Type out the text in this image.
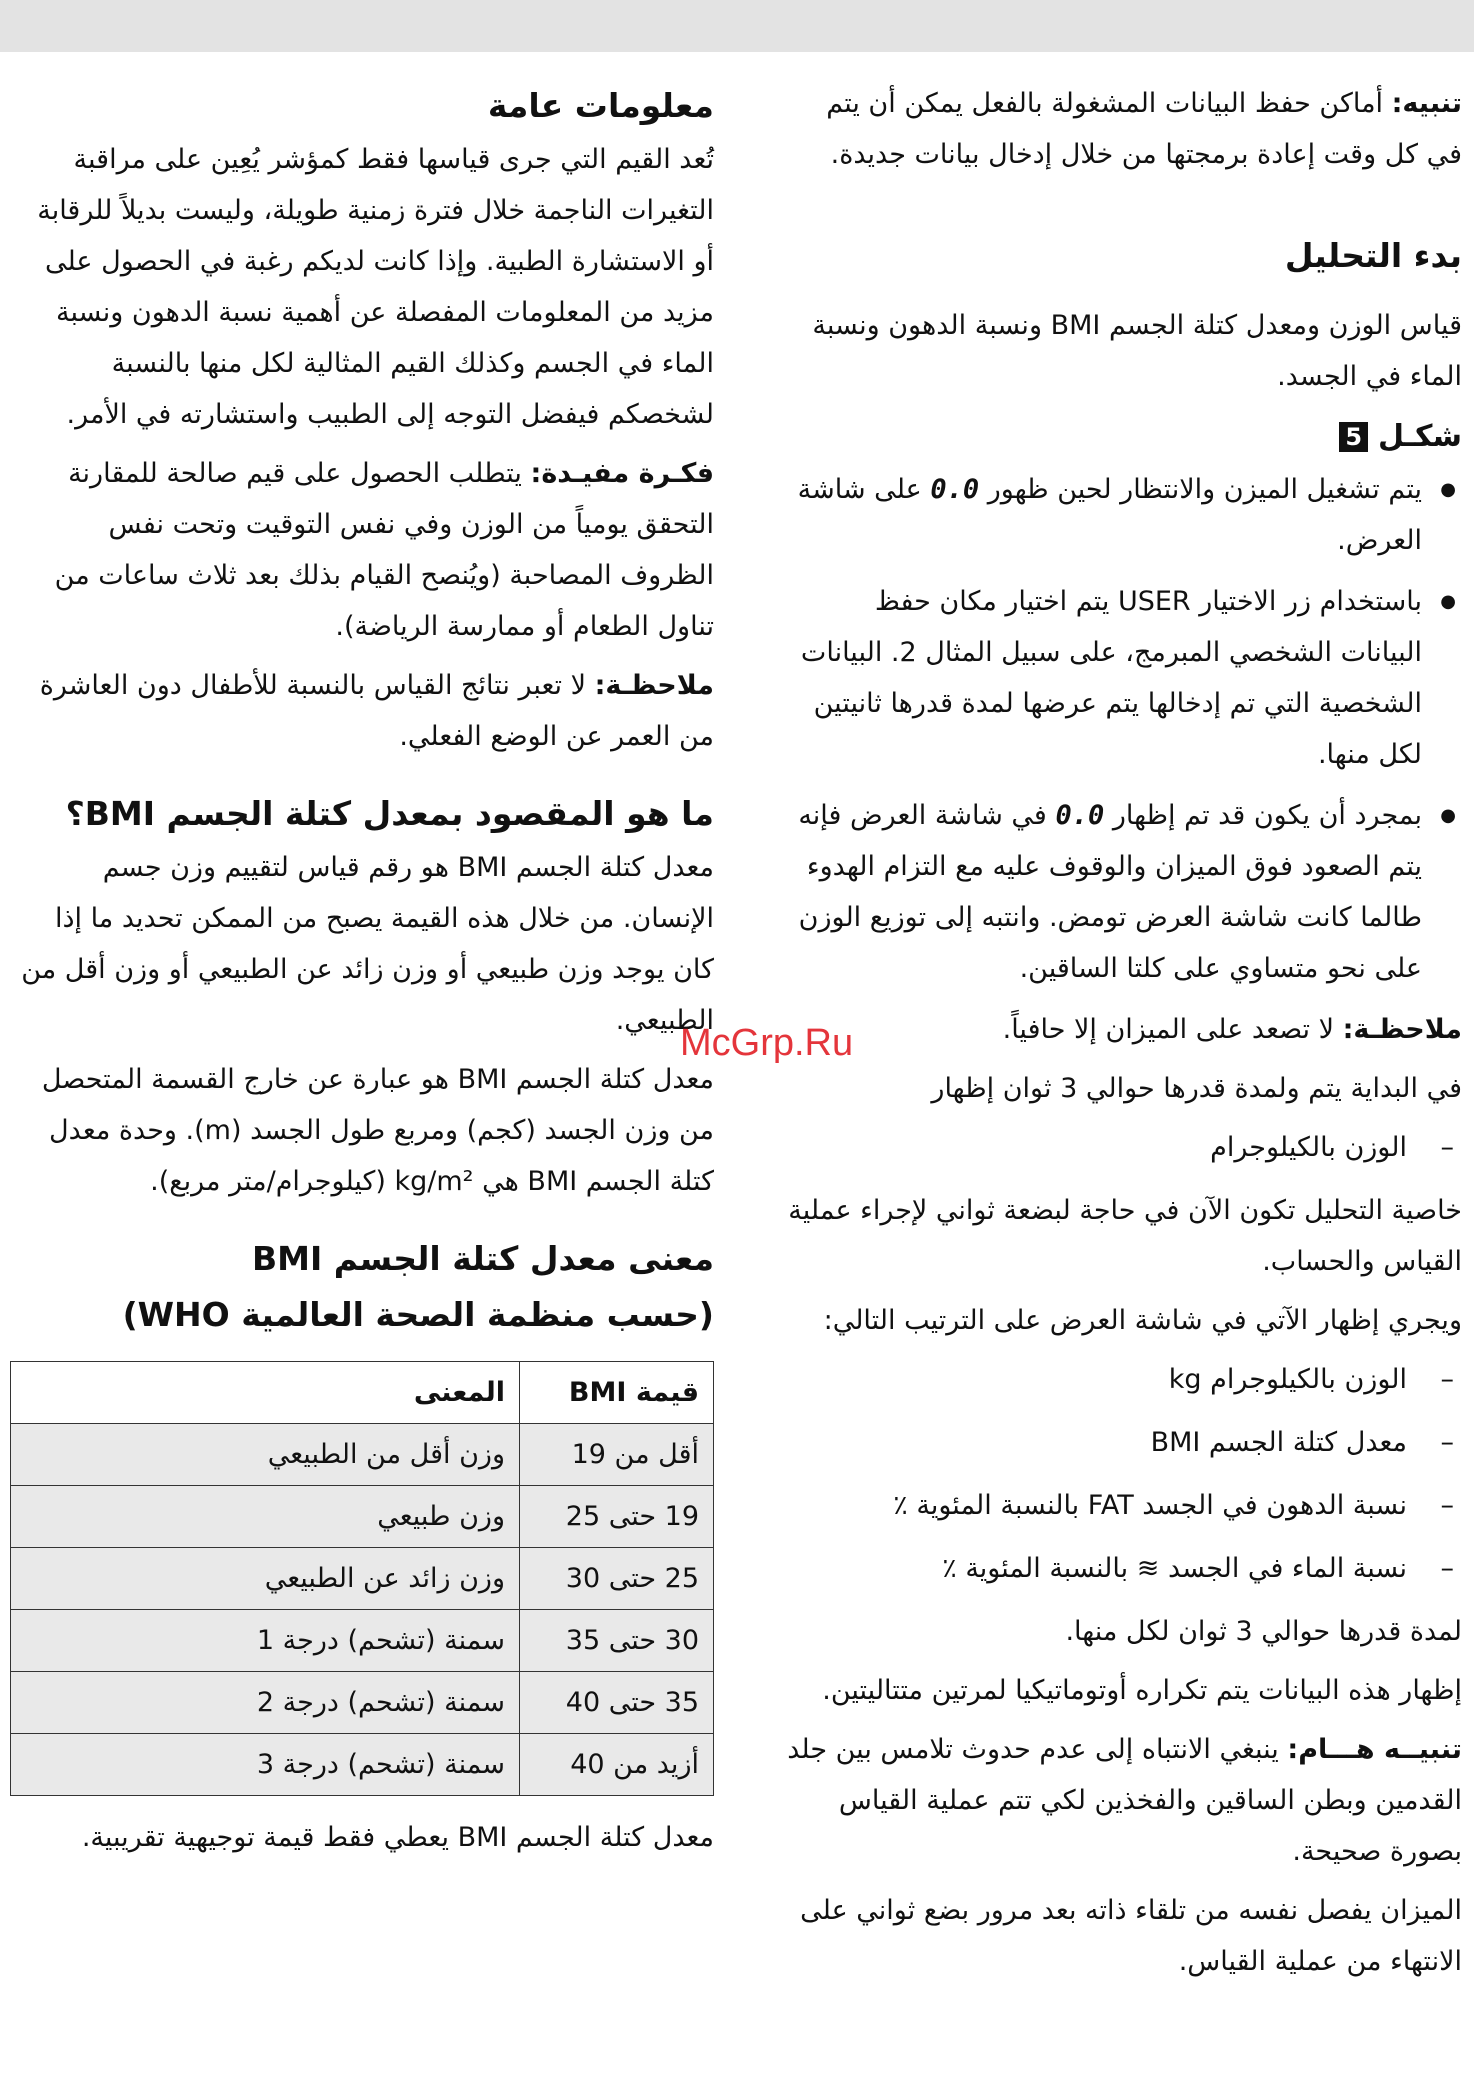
تنبيه: أماكن حفظ البيانات المشغولة بالفعل يمكن أن يتم في كل وقت إعادة برمجتها من خلال إدخال بيانات جديدة.

بدء التحليل

قياس الوزن ومعدل كتلة الجسم BMI ونسبة الدهون ونسبة الماء في الجسد.

شكـل
5
● يتم تشغيل الميزن والانتظار لحين ظهور 0.0 على شاشة العرض.
● باستخدام زر الاختيار USER يتم اختيار مكان حفظ البيانات الشخصي المبرمج، على سبيل المثال 2. البيانات الشخصية التي تم إدخالها يتم عرضها لمدة قدرها ثانيتين لكل منها.
● بمجرد أن يكون قد تم إظهار 0.0 في شاشة العرض فإنه يتم الصعود فوق الميزان والوقوف عليه مع التزام الهدوء طالما كانت شاشة العرض تومض. وانتبه إلى توزيع الوزن على نحو متساوي على كلتا الساقين.

ملاحظـة: لا تصعد على الميزان إلا حافياً.

في البداية يتم ولمدة قدرها حوالي 3 ثوان إظهار

– الوزن بالكيلوجرام

خاصية التحليل تكون الآن في حاجة لبضعة ثواني لإجراء عملية القياس والحساب.

ويجري إظهار الآتي في شاشة العرض على الترتيب التالي:

– الوزن بالكيلوجرام kg
– معدل كتلة الجسم BMI
– نسبة الدهون في الجسد FAT بالنسبة المئوية ٪
– نسبة الماء في الجسد ≋ بالنسبة المئوية ٪

لمدة قدرها حوالي 3 ثوان لكل منها.

إظهار هذه البيانات يتم تكراره أوتوماتيكيا لمرتين متتاليتين.

تنبيــه هـــام: ينبغي الانتباه إلى عدم حدوث تلامس بين جلد القدمين وبطن الساقين والفخذين لكي تتم عملية القياس بصورة صحيحة.

الميزان يفصل نفسه من تلقاء ذاته بعد مرور بضع ثواني على الانتهاء من عملية القياس.

معلومات عامة

تُعد القيم التي جرى قياسها فقط كمؤشر يُعِين على مراقبة التغيرات الناجمة خلال فترة زمنية طويلة، وليست بديلاً للرقابة أو الاستشارة الطبية. وإذا كانت لديكم رغبة في الحصول على مزيد من المعلومات المفصلة عن أهمية نسبة الدهون ونسبة الماء في الجسم وكذلك القيم المثالية لكل منها بالنسبة لشخصكم فيفضل التوجه إلى الطبيب واستشارته في الأمر.

فكـرة مفيـدة: يتطلب الحصول على قيم صالحة للمقارنة التحقق يومياً من الوزن وفي نفس التوقيت وتحت نفس الظروف المصاحبة (ويُنصح القيام بذلك بعد ثلاث ساعات من تناول الطعام أو ممارسة الرياضة).

ملاحظـة: لا تعبر نتائج القياس بالنسبة للأطفال دون العاشرة من العمر عن الوضع الفعلي.

ما هو المقصود بمعدل كتلة الجسم BMI؟

معدل كتلة الجسم BMI هو رقم قياس لتقييم وزن جسم الإنسان. من خلال هذه القيمة يصبح من الممكن تحديد ما إذا كان يوجد وزن طبيعي أو وزن زائد عن الطبيعي أو وزن أقل من الطبيعي.

معدل كتلة الجسم BMI هو عبارة عن خارج القسمة المتحصل من وزن الجسد (كجم) ومربع طول الجسد (m). وحدة معدل كتلة الجسم BMI هي kg/m² (كيلوجرام/متر مربع).

معنى معدل كتلة الجسم BMI
(حسب منظمة الصحة العالمية WHO)
قيمة BMI	المعنى
أقل من 19	وزن أقل من الطبيعي
19 حتى 25	وزن طبيعي
25 حتى 30	وزن زائد عن الطبيعي
30 حتى 35	سمنة (تشحم) درجة 1
35 حتى 40	سمنة (تشحم) درجة 2
أزيد من 40	سمنة (تشحم) درجة 3

معدل كتلة الجسم BMI يعطي فقط قيمة توجيهية تقريبية.

McGrp.Ru
